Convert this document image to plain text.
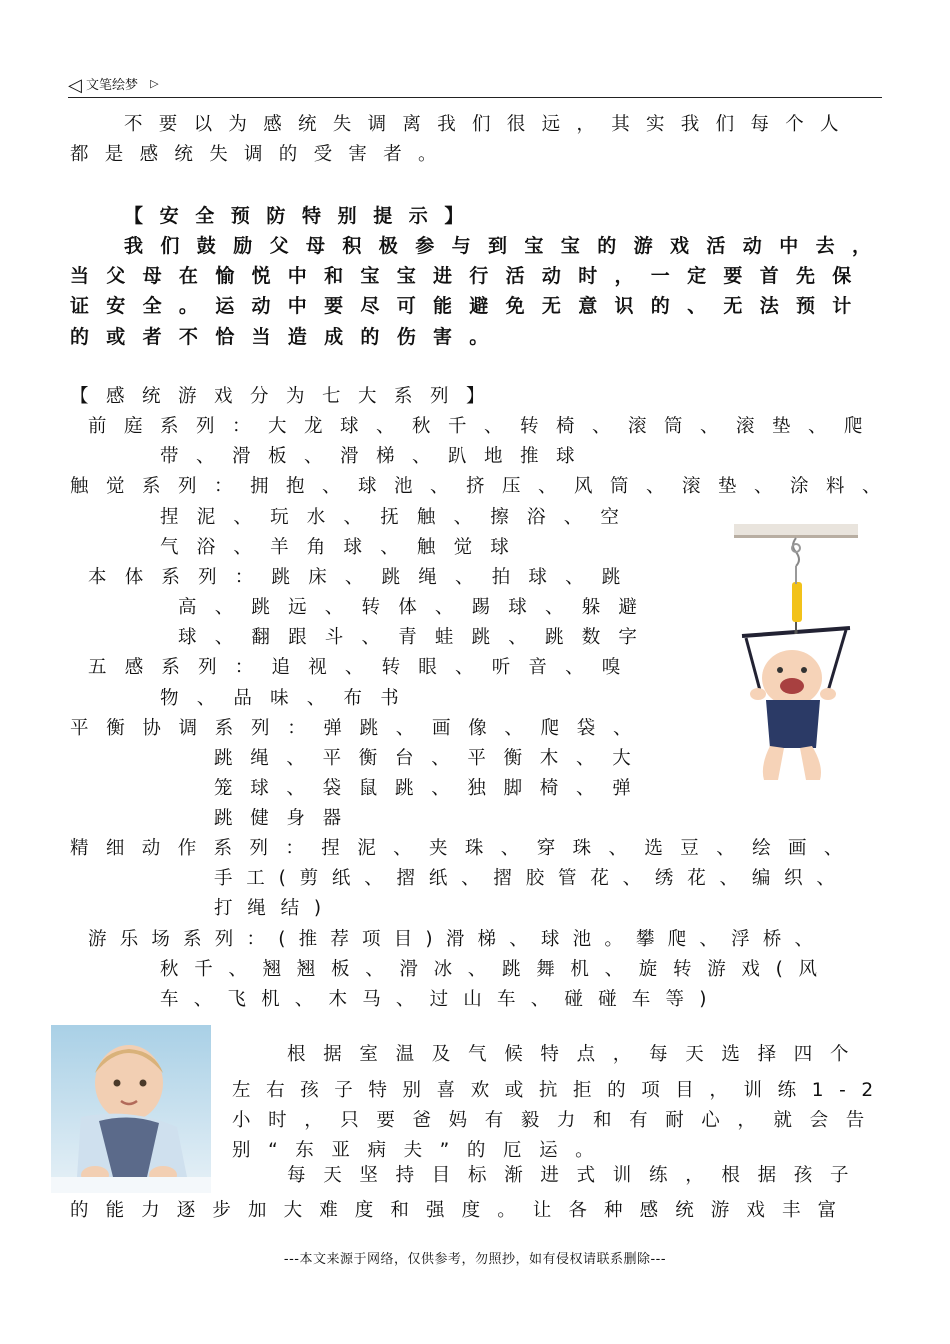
◁ 文笔绘梦 ▷
不要以为感统失调离我们很远，其实我们每个人
都是感统失调的受害者。
【安全预防特别提示】
我们鼓励父母积极参与到宝宝的游戏活动中去，
当父母在愉悦中和宝宝进行活动时，一定要首先保
证安全。运动中要尽可能避免无意识的、无法预计
的或者不恰当造成的伤害。
【感统游戏分为七大系列】
前庭系列：大龙球、秋千、转椅、滚筒、滚垫、爬
带、滑板、滑梯、趴地推球
触觉系列：拥抱、球池、挤压、风筒、滚垫、涂料、
捏泥、玩水、抚触、擦浴、空
气浴、羊角球、触觉球
本体系列：跳床、跳绳、拍球、跳
高、跳远、转体、踢球、躲避
球、翻跟斗、青蛙跳、跳数字
五感系列：追视、转眼、听音、嗅
物、品味、布书
平衡协调系列：弹跳、画像、爬袋、
跳绳、平衡台、平衡木、大
笼球、袋鼠跳、独脚椅、弹
跳健身器
精细动作系列：捏泥、夹珠、穿珠、选豆、绘画、
手工(剪纸、摺纸、摺胶管花、绣花、编织、
打绳结)
游乐场系列：(推荐项目)滑梯、球池。攀爬、浮桥、
秋千、翘翘板、滑冰、跳舞机、旋转游戏(风
车、飞机、木马、过山车、碰碰车等)
根据室温及气候特点，每天选择四个
左右孩子特别喜欢或抗拒的项目，训练1-2
小时，只要爸妈有毅力和有耐心，就会告
别“东亚病夫”的厄运。
每天坚持目标渐进式训练，根据孩子
的能力逐步加大难度和强度。让各种感统游戏丰富
---本文来源于网络，仅供参考，勿照抄，如有侵权请联系删除---
